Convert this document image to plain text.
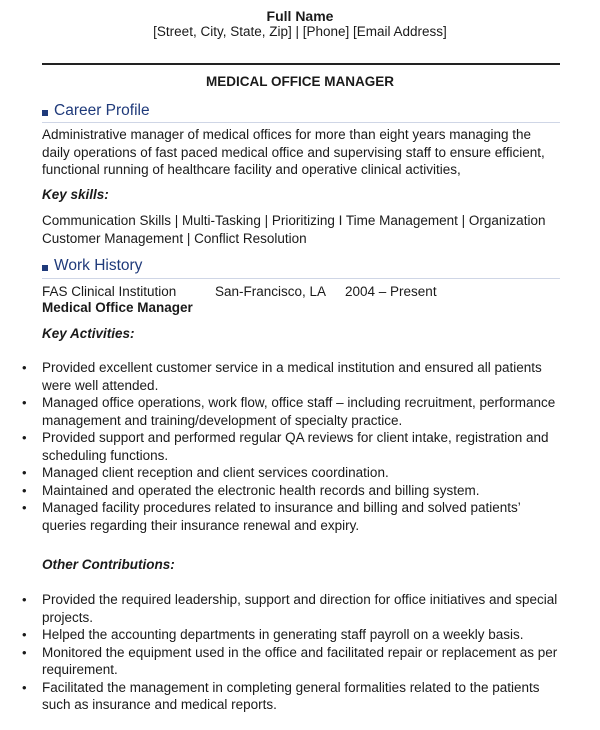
Full Name
[Street, City, State, Zip] | [Phone] [Email Address]
MEDICAL OFFICE MANAGER
Career Profile
Administrative manager of medical offices for more than eight years managing the daily operations of fast paced medical office and supervising staff to ensure efficient, functional running of healthcare facility and operative clinical activities,
Key skills:
Communication Skills | Multi-Tasking | Prioritizing I Time Management | Organization
Customer Management | Conflict Resolution
Work History
FAS Clinical Institution	San-Francisco, LA 2004 – Present
Medical Office Manager
Key Activities:
• Provided excellent customer service in a medical institution and ensured all patients were well attended.
• Managed office operations, work flow, office staff – including recruitment, performance management and training/development of specialty practice.
• Provided support and performed regular QA reviews for client intake, registration and scheduling functions.
• Managed client reception and client services coordination.
• Maintained and operated the electronic health records and billing system.
• Managed facility procedures related to insurance and billing and solved patients’ queries regarding their insurance renewal and expiry.
Other Contributions:
• Provided the required leadership, support and direction for office initiatives and special projects.
• Helped the accounting departments in generating staff payroll on a weekly basis.
• Monitored the equipment used in the office and facilitated repair or replacement as per requirement.
• Facilitated the management in completing general formalities related to the patients such as insurance and medical reports.
